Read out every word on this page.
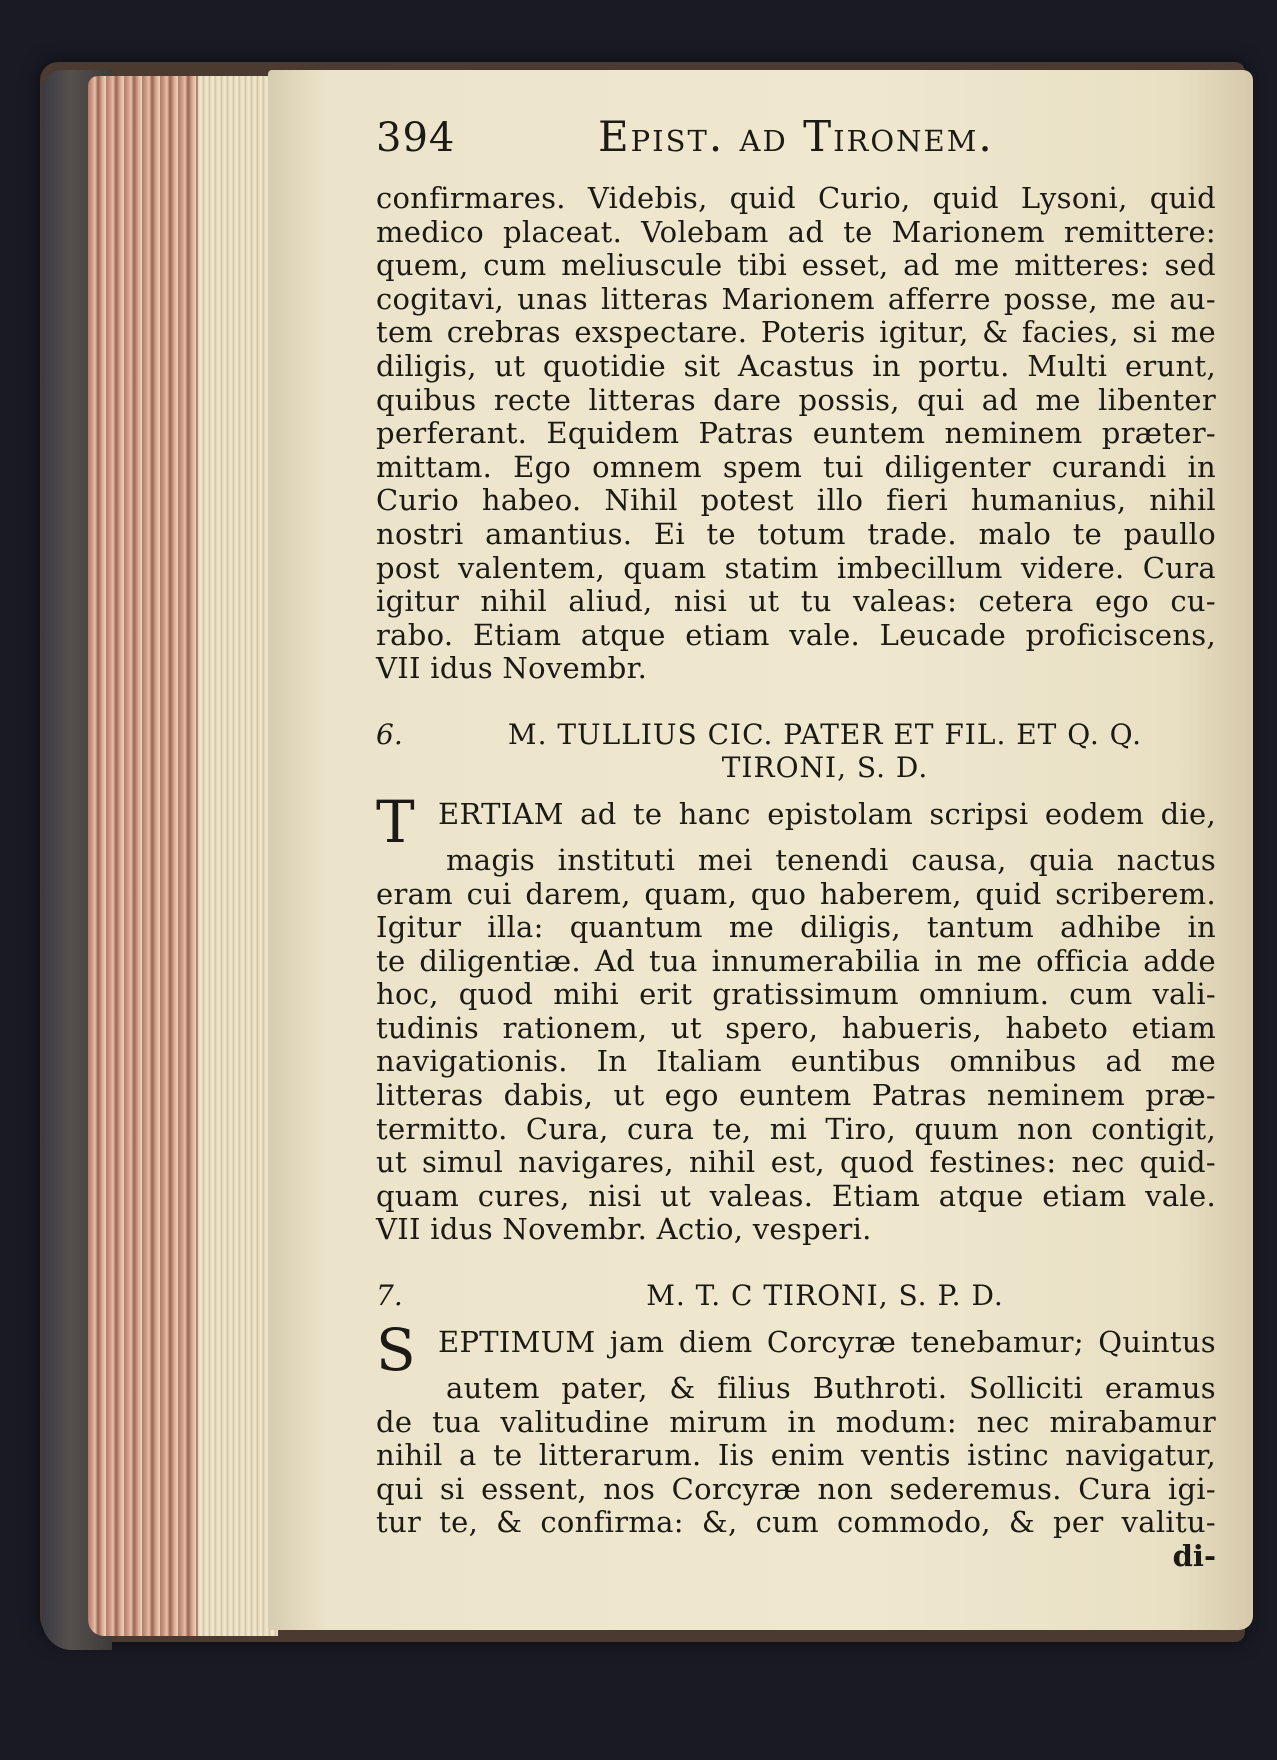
394	Epist. ad Tironem.
confirmares. Videbis, quid Curio, quid Lysoni, quid
medico placeat. Volebam ad te Marionem remittere:
quem, cum meliuscule tibi esset, ad me mitteres: sed
cogitavi, unas litteras Marionem afferre posse, me au-
tem crebras exspectare. Poteris igitur, & facies, si me
diligis, ut quotidie sit Acastus in portu. Multi erunt,
quibus recte litteras dare possis, qui ad me libenter
perferant. Equidem Patras euntem neminem præter-
mittam. Ego omnem spem tui diligenter curandi in
Curio habeo. Nihil potest illo fieri humanius, nihil
nostri amantius. Ei te totum trade. malo te paullo
post valentem, quam statim imbecillum videre. Cura
igitur nihil aliud, nisi ut tu valeas: cetera ego cu-
rabo. Etiam atque etiam vale. Leucade proficiscens,
VII idus Novembr.
6.	M. TULLIUS CIC. PATER ET FIL. ET Q. Q.
TIRONI, S. D.
T ERTIAM ad te hanc epistolam scripsi eodem die,
magis instituti mei tenendi causa, quia nactus
eram cui darem, quam, quo haberem, quid scriberem.
Igitur illa: quantum me diligis, tantum adhibe in
te diligentiæ. Ad tua innumerabilia in me officia adde
hoc, quod mihi erit gratissimum omnium. cum vali-
tudinis rationem, ut spero, habueris, habeto etiam
navigationis. In Italiam euntibus omnibus ad me
litteras dabis, ut ego euntem Patras neminem præ-
termitto. Cura, cura te, mi Tiro, quum non contigit,
ut simul navigares, nihil est, quod festines: nec quid-
quam cures, nisi ut valeas. Etiam atque etiam vale.
VII idus Novembr. Actio, vesperi.
7.	M. T. C TIRONI, S. P. D.
S EPTIMUM jam diem Corcyræ tenebamur; Quintus
autem pater, & filius Buthroti. Solliciti eramus
de tua valitudine mirum in modum: nec mirabamur
nihil a te litterarum. Iis enim ventis istinc navigatur,
qui si essent, nos Corcyræ non sederemus. Cura igi-
tur te, & confirma: &, cum commodo, & per valitu-
di-
